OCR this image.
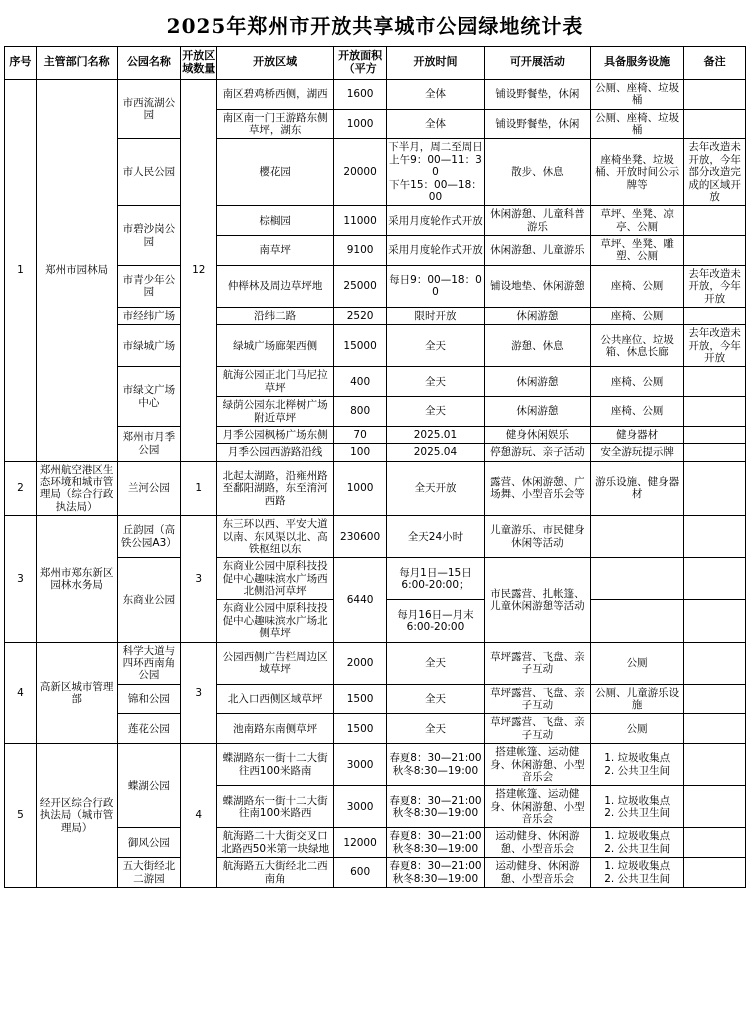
2025年郑州市开放共享城市公园绿地统计表
序号	主管部门名称	公园名称	开放区域数量	开放区域	开放面积（平方	开放时间	可开展活动	具备服务设施	备注
1	郑州市园林局	市西流湖公园	12	南区碧鸡桥西侧，湖西	1600	全体	铺设野餐垫，休闲	公厕、座椅、垃圾桶	
				南区南一门王游路东侧草坪，湖东	1000	全体	铺设野餐垫，休闲	公厕、座椅、垃圾桶	
		市人民公园		樱花园	20000	下半月，周二至周日
上午9：00—11：30
下午15：00—18：00	散步、休息	座椅坐凳、垃圾桶、开放时间公示牌等	去年改造未开放，今年部分改造完成的区域开放
		市碧沙岗公园		棕榈园	11000	采用月度轮作式开放	休闲游憩、儿童科普游乐	草坪、坐凳、凉亭、公厕	
				南草坪	9100	采用月度轮作式开放	休闲游憩、儿童游乐	草坪、坐凳、雕塑、公厕	
		市青少年公园		仲榉林及周边草坪地	25000	每日9：00—18：00	铺设地垫、休闲游憩	座椅、公厕	去年改造未开放，今年开放
		市经纬广场		沿纬二路	2520	限时开放	休闲游憩	座椅、公厕	
		市绿城广场		绿城广场廊架西侧	15000	全天	游憩、休息	公共座位、垃圾箱、休息长廊	去年改造未开放，今年开放
		市绿文广场中心		航海公园正北门马尼拉草坪	400	全天	休闲游憩	座椅、公厕	
				绿荫公园东北榉树广场附近草坪	800	全天	休闲游憩	座椅、公厕	
		郑州市月季公园		月季公园枫杨广场东侧	70	2025.01	健身休闲娱乐	健身器材	
				月季公园西游路沿线	100	2025.04	停憩游玩、亲子活动	安全游玩提示牌	
2	郑州航空港区生态环境和城市管理局（综合行政执法局）	兰河公园	1	北起太湖路，沿雍州路至鄱阳湖路，东至淯河西路	1000	全天开放	露营、休闲游憩、广场舞、小型音乐会等	游乐设施、健身器材	
3	郑州市郑东新区园林水务局	丘韵园（高铁公园A3）	3	东三环以西、平安大道以南、东风渠以北、高铁枢纽以东	230600	全天24小时	儿童游乐、市民健身休闲等活动		
		东商业公园		东商业公园中原科技投促中心趣味滨水广场西北侧沿河草坪	6440	每月1日—15日
6:00-20:00；	市民露营、扎帐篷、儿童休闲游憩等活动		
				东商业公园中原科技投促中心趣味滨水广场北侧草坪		每月16日—月末
6:00-20:00			
4	高新区城市管理部	科学大道与四环西南角公园	3	公园西侧广告栏周边区域草坪	2000	全天	草坪露营、飞盘、亲子互动	公厕	
		锦和公园		北入口西侧区域草坪	1500	全天	草坪露营、飞盘、亲子互动	公厕、儿童游乐设施	
		莲花公园		池南路东南侧草坪	1500	全天	草坪露营、飞盘、亲子互动	公厕	
5	经开区综合行政执法局（城市管理局）	蝶湖公园	4	蝶湖路东一街十二大街往西100米路南	3000	春夏8：30—21:00
秋冬8:30—19:00	搭建帐篷、运动健身、休闲游憩、小型音乐会	1. 垃圾收集点
2. 公共卫生间	
				蝶湖路东一街十二大街往南100米路西	3000	春夏8：30—21:00
秋冬8:30—19:00	搭建帐篷、运动健身、休闲游憩、小型音乐会	1. 垃圾收集点
2. 公共卫生间	
		御风公园		航海路二十大街交叉口北路西50米第一块绿地	12000	春夏8：30—21:00
秋冬8:30—19:00	运动健身、休闲游憩、小型音乐会	1. 垃圾收集点
2. 公共卫生间	
		五大街经北二游园		航海路五大街经北二西南角	600	春夏8：30—21:00
秋冬8:30—19:00	运动健身、休闲游憩、小型音乐会	1. 垃圾收集点
2. 公共卫生间	
